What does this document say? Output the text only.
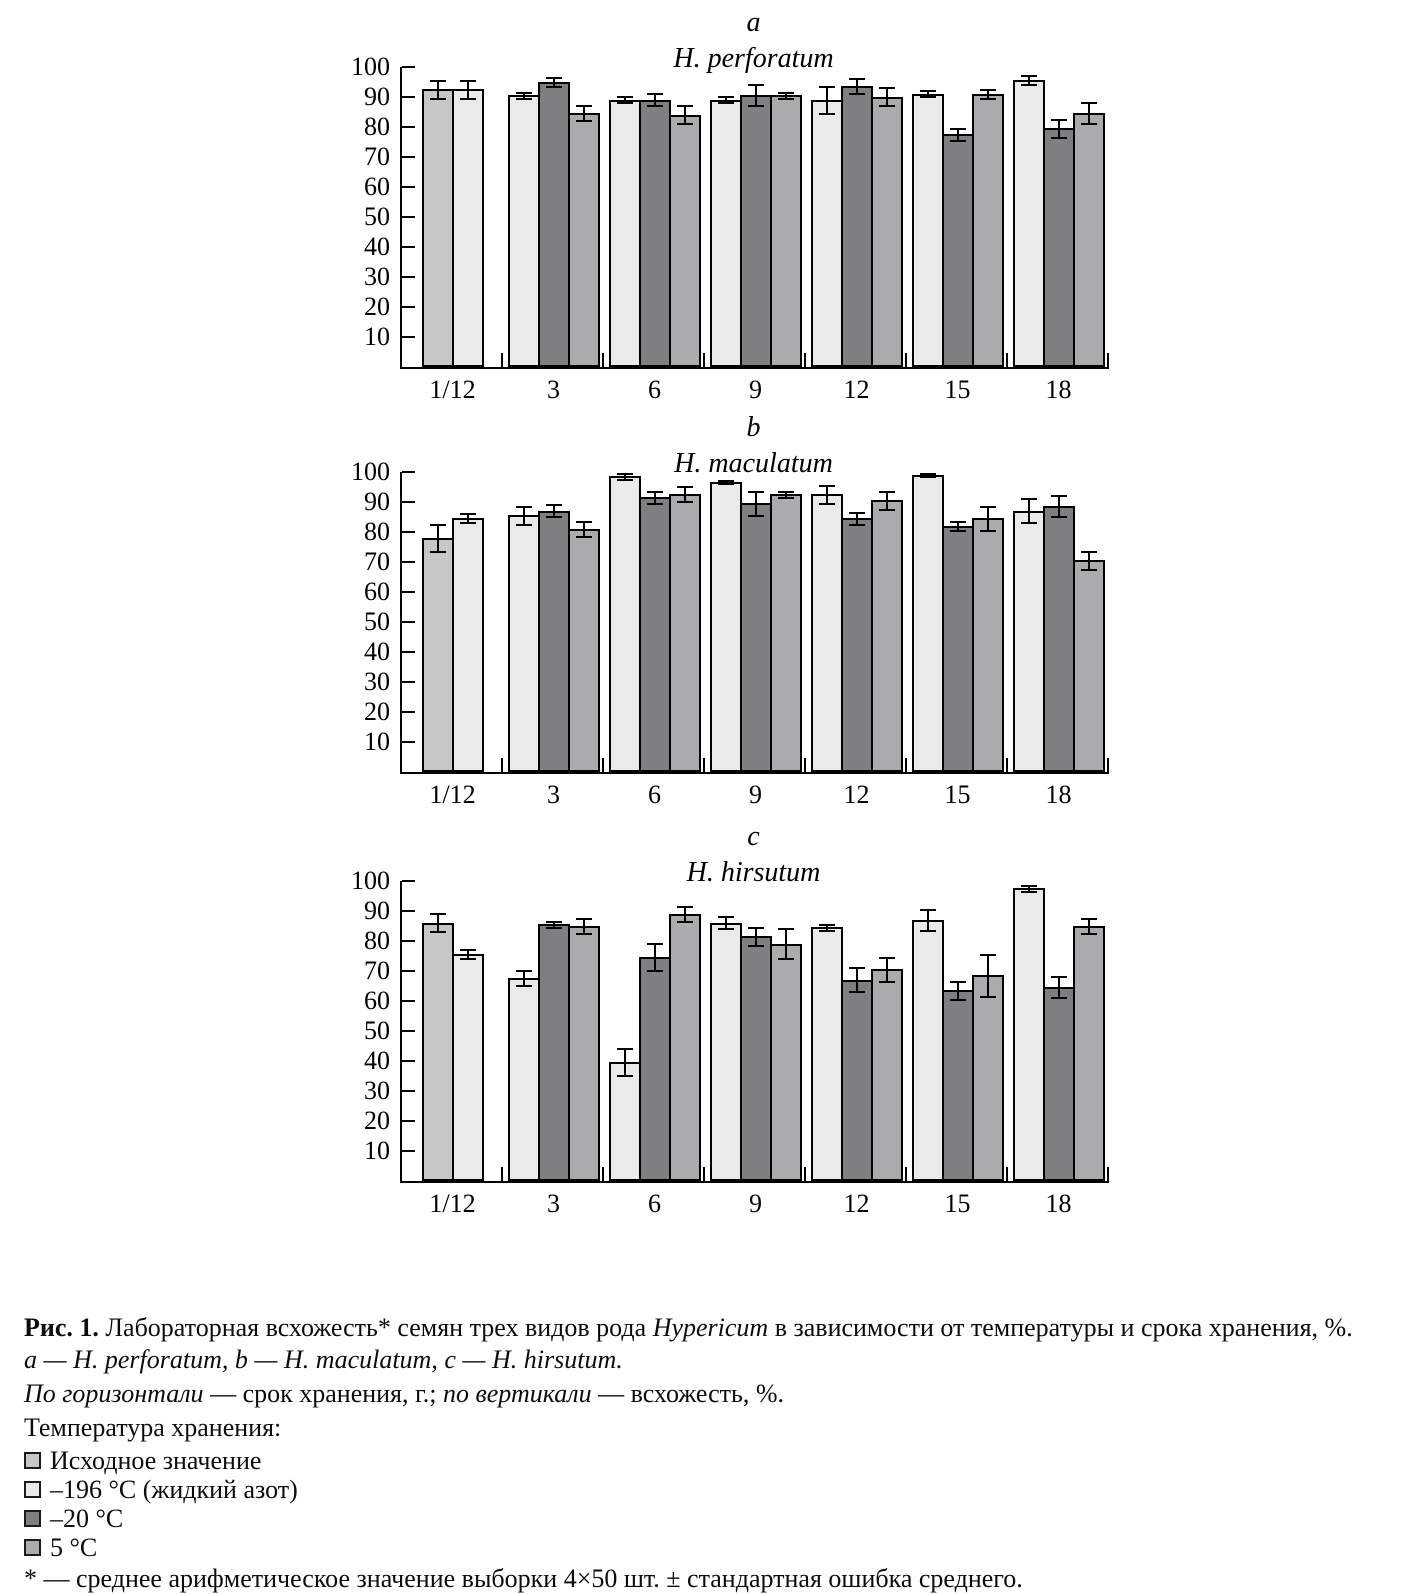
a
H. perforatum
10
20
30
40
50
60
70
80
90
100
1/12	3	6	9	12	15	18
b
H. maculatum
10
20
30
40
50
60
70
80
90
100
1/12	3	6	9	12	15	18
c
H. hirsutum
10
20
30
40
50
60
70
80
90
100
1/12	3	6	9	12	15	18
Рис. 1. Лабораторная всхожесть* семян трех видов рода Hypericum в зависимости от температуры и срока хранения, %.
a — H. perforatum, b — H. maculatum, c — H. hirsutum.
По горизонтали — срок хранения, г.; по вертикали — всхожесть, %.
Температура хранения:
Исходное значение
–196 °C (жидкий азот)
–20 °C
5 °C
* — среднее арифметическое значение выборки 4×50 шт. ± стандартная ошибка среднего.
